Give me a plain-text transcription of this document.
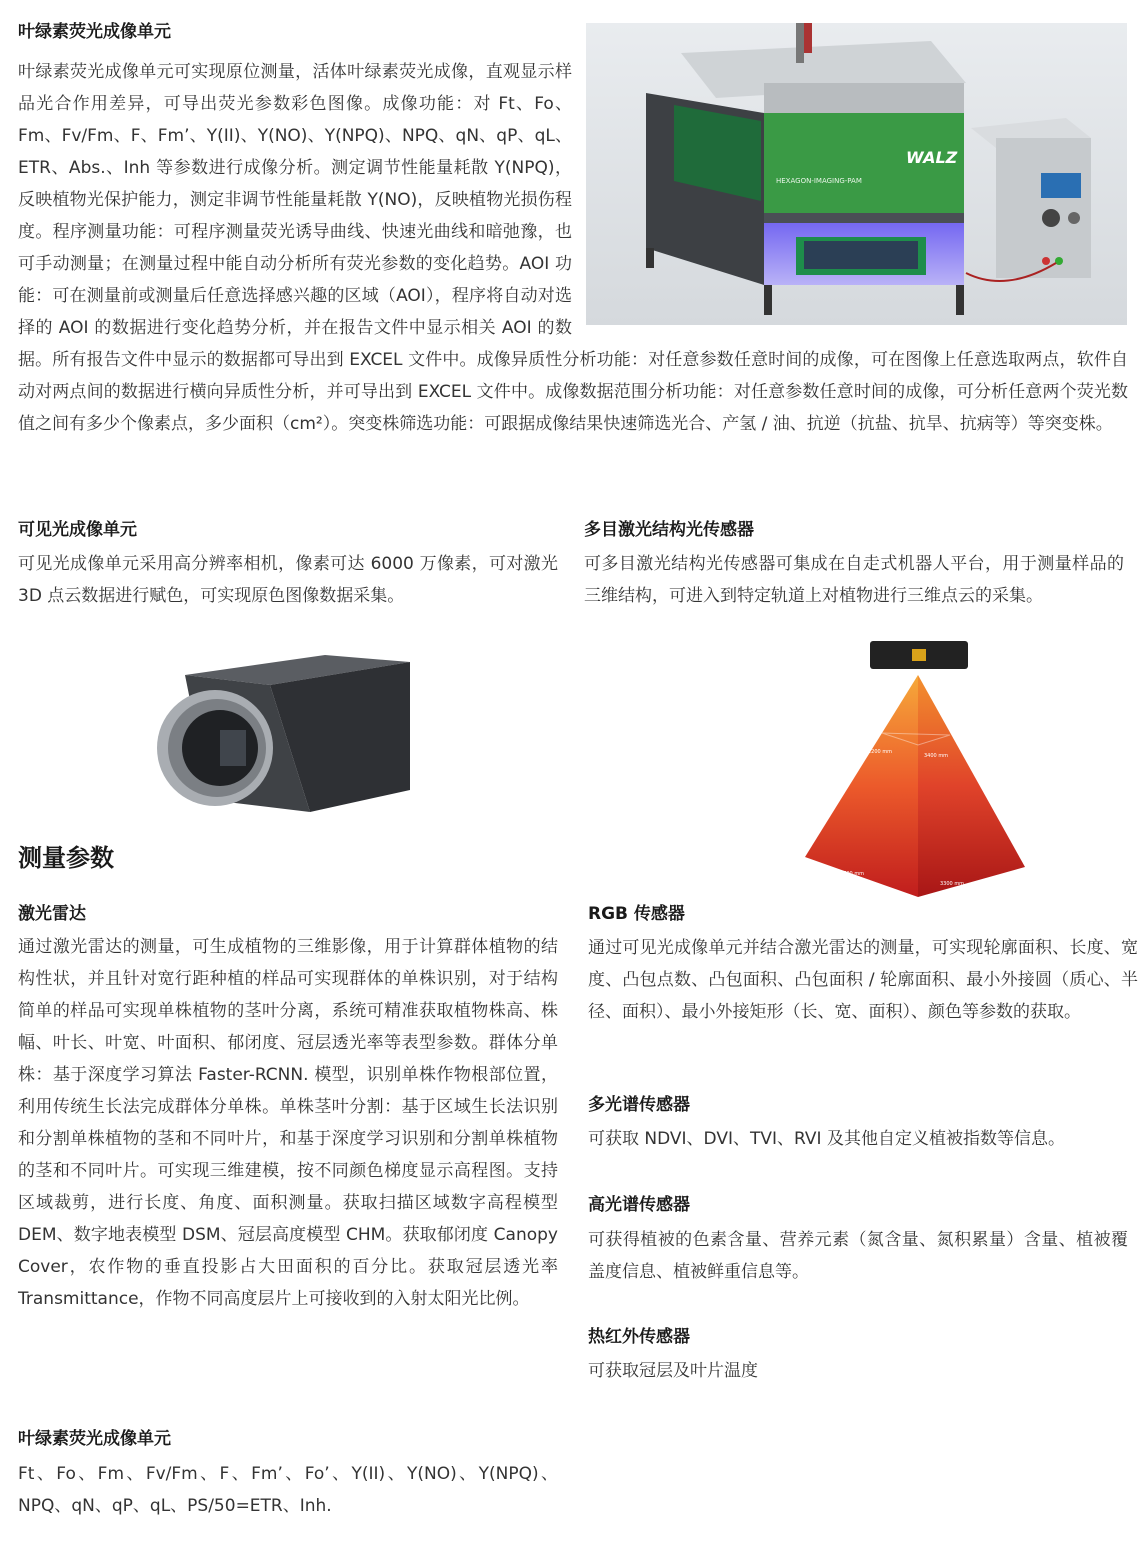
叶绿素荧光成像单元可实现原位测量，活体叶绿素荧光成像，直观显示样品光合作用差异，可导出荧光参数彩色图像。成像功能：对 Ft、Fo、Fm、Fv/Fm、F、Fm’、Y(II)、Y(NO)、Y(NPQ)、NPQ、qN、qP、qL、ETR、Abs.、Inh 等参数进行成像分析。测定调节性能量耗散 Y(NPQ)，反映植物光保护能力，测定非调节性能量耗散 Y(NO)，反映植物光损伤程度。程序测量功能：可程序测量荧光诱导曲线、快速光曲线和暗弛豫，也可手动测量；在测量过程中能自动分析所有荧光参数的变化趋势。AOI 功能：可在测量前或测量后任意选择感兴趣的区域（AOI），程序将自动对选择的 AOI 的数据进行变化趋势分析，并在报告文件中显示相关 AOI 的数据。所有报告文件中显示的数据都可导出到 EXCEL 文件中。成像异质性分析功能：对任意参数任意时间的成像，可在图像上任意选取两点，软件自动对两点间的数据进行横向异质性分析，并可导出到 EXCEL 文件中。成像数据范围分析功能：对任意参数任意时间的成像，可分析任意两个荧光数值之间有多少个像素点，多少面积（cm²）。突变株筛选功能：可跟据成像结果快速筛选光合、产氢 / 油、抗逆（抗盐、抗旱、抗病等）等突变株。

叶绿素荧光成像单元
WALZ
HEXAGON-IMAGING-PAM
可见光成像单元

可见光成像单元采用高分辨率相机，像素可达 6000 万像素，可对激光 3D 点云数据进行赋色，可实现原色图像数据采集。

多目激光结构光传感器

可多目激光结构光传感器可集成在自走式机器人平台，用于测量样品的三维结构，可进入到特定轨道上对植物进行三维点云的采集。

2200 mm
3400 mm
2700 mm
3300 mm
测量参数
激光雷达

通过激光雷达的测量，可生成植物的三维影像，用于计算群体植物的结构性状，并且针对宽行距种植的样品可实现群体的单株识别，对于结构简单的样品可实现单株植物的茎叶分离，系统可精准获取植物株高、株幅、叶长、叶宽、叶面积、郁闭度、冠层透光率等表型参数。群体分单株：基于深度学习算法 Faster-RCNN. 模型，识别单株作物根部位置，利用传统生长法完成群体分单株。单株茎叶分割：基于区域生长法识别和分割单株植物的茎和不同叶片，和基于深度学习识别和分割单株植物的茎和不同叶片。可实现三维建模，按不同颜色梯度显示高程图。支持区域裁剪，进行长度、角度、面积测量。获取扫描区域数字高程模型 DEM、数字地表模型 DSM、冠层高度模型 CHM。获取郁闭度 Canopy Cover，农作物的垂直投影占大田面积的百分比。获取冠层透光率 Transmittance，作物不同高度层片上可接收到的入射太阳光比例。

RGB 传感器

通过可见光成像单元并结合激光雷达的测量，可实现轮廓面积、长度、宽度、凸包点数、凸包面积、凸包面积 / 轮廓面积、最小外接圆（质心、半径、面积）、最小外接矩形（长、宽、面积）、颜色等参数的获取。

多光谱传感器

可获取 NDVI、DVI、TVI、RVI 及其他自定义植被指数等信息。

高光谱传感器

可获得植被的色素含量、营养元素（氮含量、氮积累量）含量、植被覆盖度信息、植被鲜重信息等。

热红外传感器

可获取冠层及叶片温度

叶绿素荧光成像单元

Ft、Fo、Fm、Fv/Fm、F、Fm’、Fo’、Y(II)、Y(NO)、Y(NPQ)、NPQ、qN、qP、qL、PS/50=ETR、Inh.
